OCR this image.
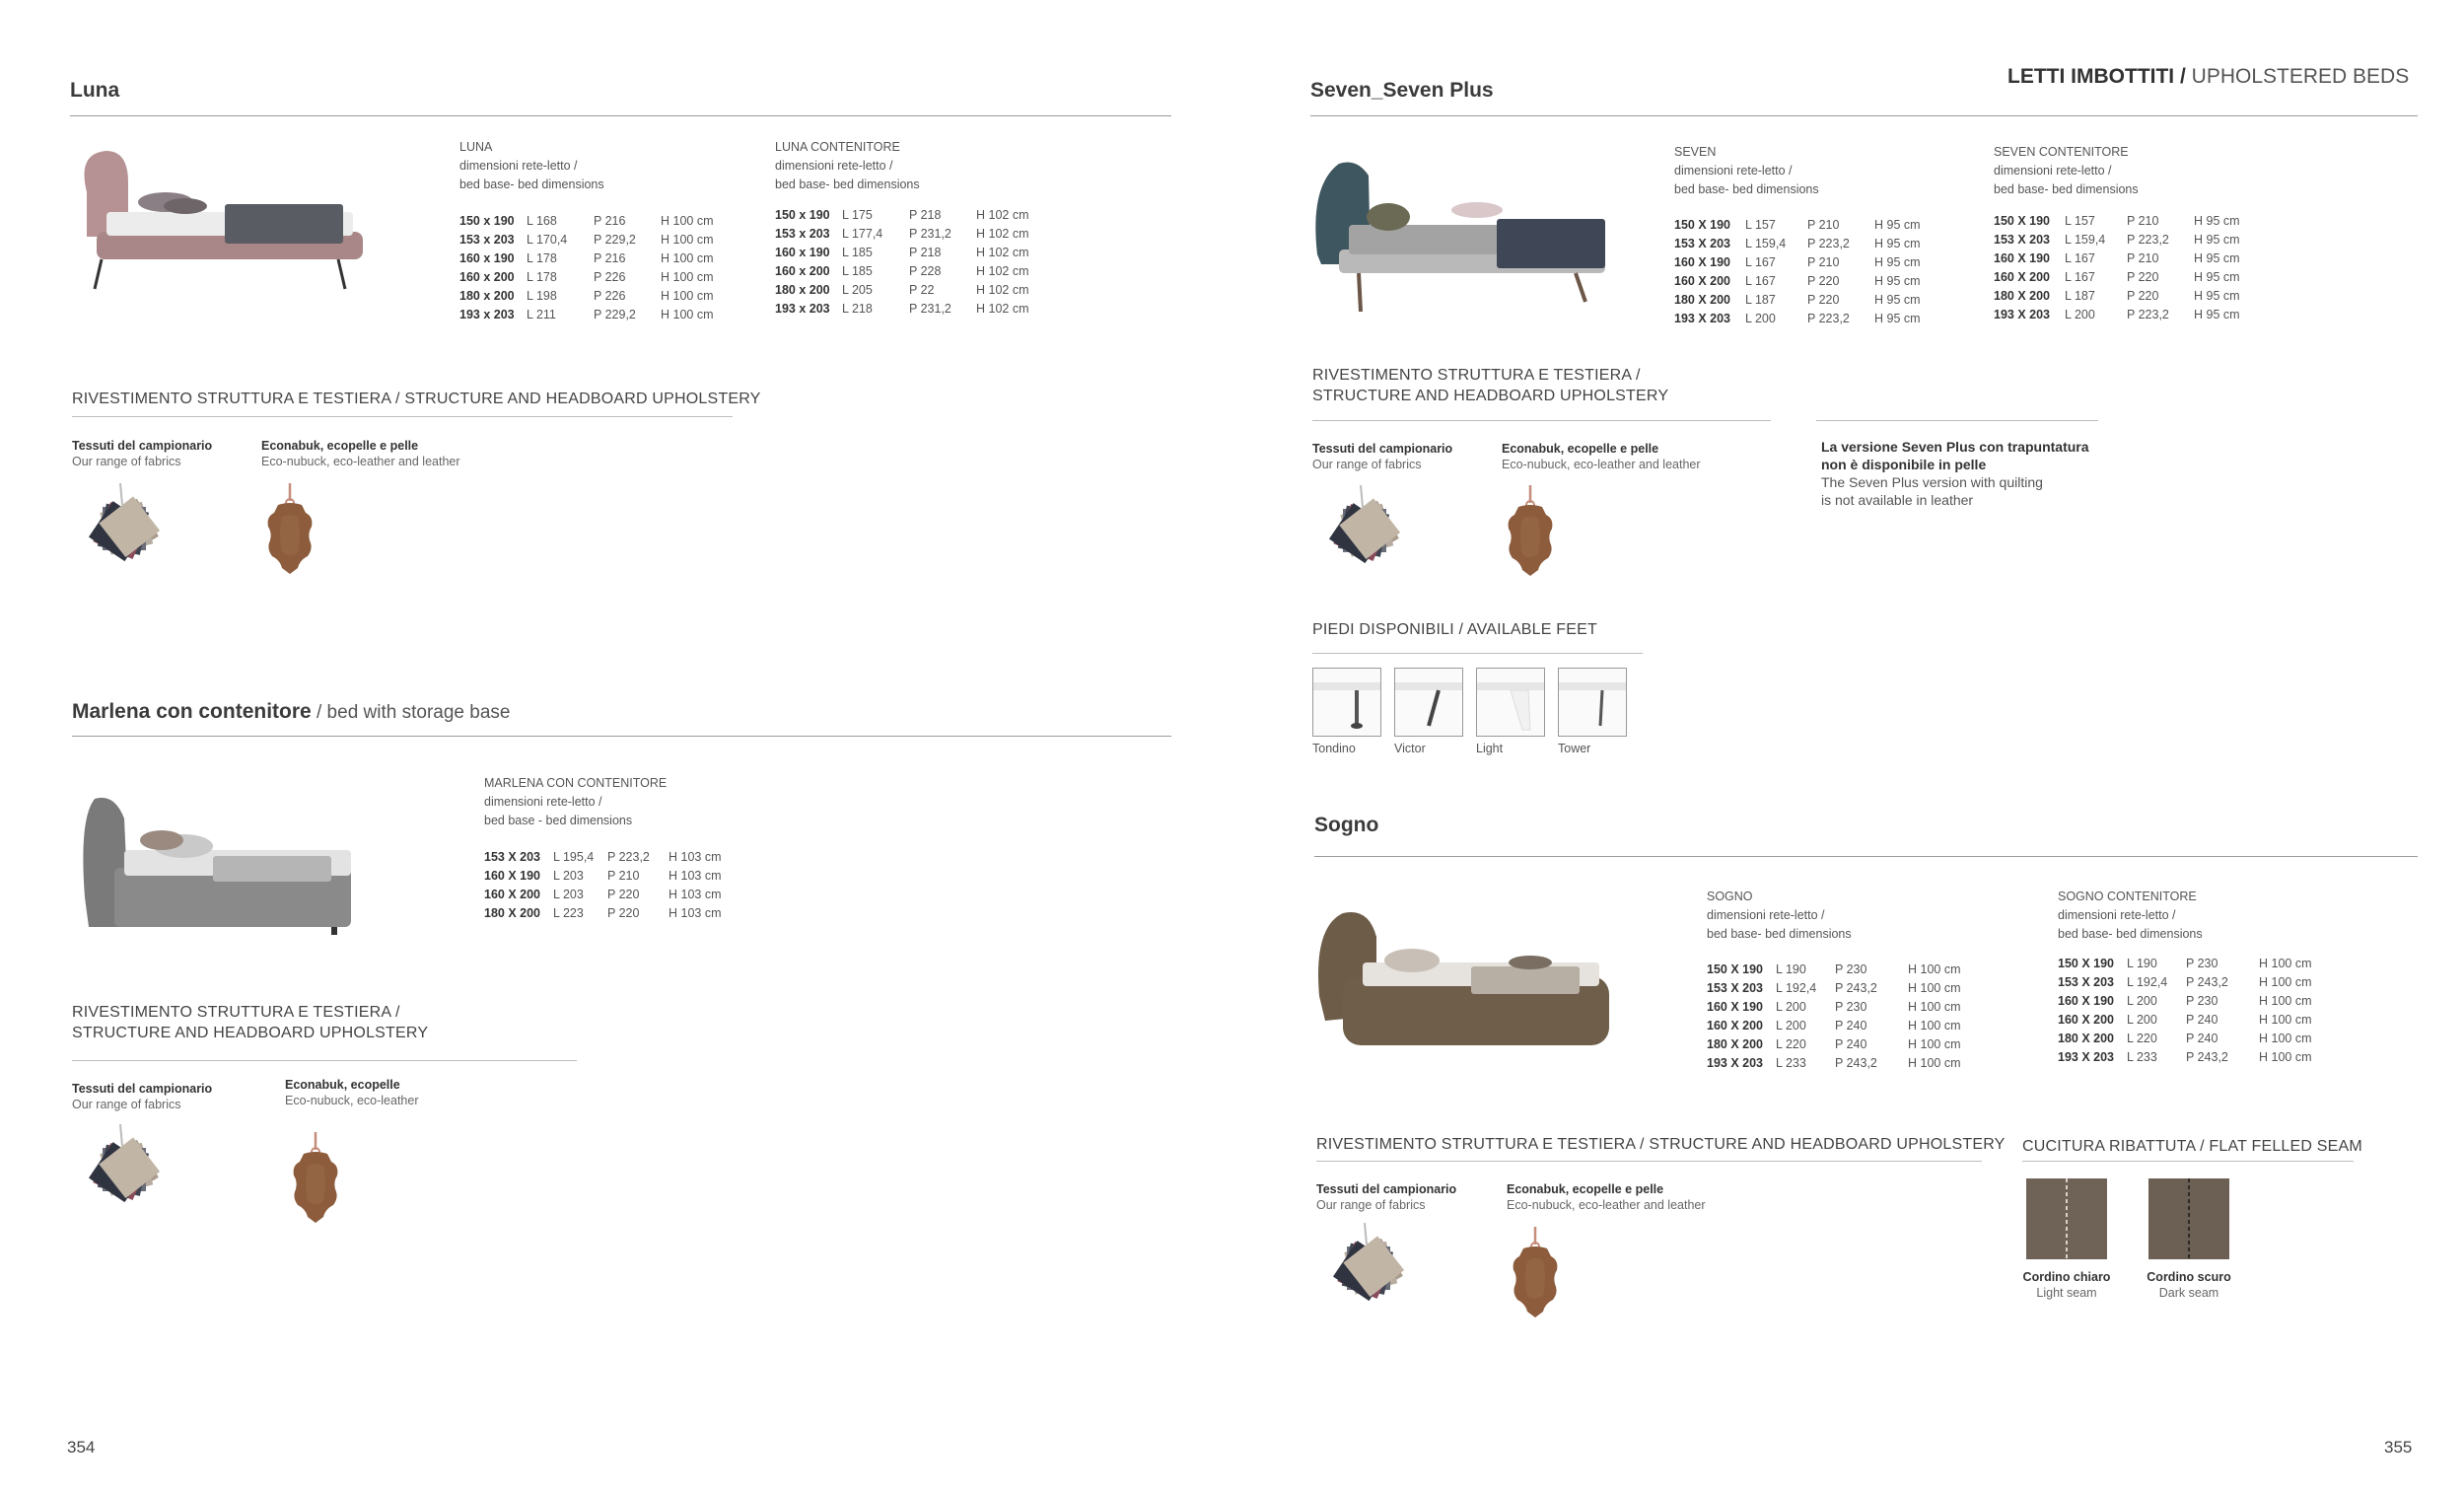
LETTI IMBOTTITI / UPHOLSTERED BEDS
Luna
LUNA
dimensioni rete-letto /
bed base- bed dimensions
150 x 190 L 168	P 216	H 100 cm
153 x 203 L 170,4	P 229,2	H 100 cm
160 x 190 L 178	P 216	H 100 cm
160 x 200 L 178	P 226	H 100 cm
180 x 200 L 198	P 226	H 100 cm
193 x 203 L 211	P 229,2	H 100 cm
LUNA CONTENITORE
dimensioni rete-letto /
bed base- bed dimensions
150 x 190 L 175	P 218	H 102 cm
153 x 203 L 177,4	P 231,2	H 102 cm
160 x 190 L 185	P 218	H 102 cm
160 x 200 L 185	P 228	H 102 cm
180 x 200 L 205	P 22	H 102 cm
193 x 203 L 218	P 231,2	H 102 cm
RIVESTIMENTO STRUTTURA E TESTIERA / STRUCTURE AND HEADBOARD UPHOLSTERY
Tessuti del campionario
Our range of fabrics
Econabuk, ecopelle e pelle
Eco-nubuck, eco-leather and leather
Marlena con contenitore / bed with storage base
MARLENA CON CONTENITORE
dimensioni rete-letto /
bed base - bed dimensions
153 X 203	L 195,4	P 223,2	H 103 cm
160 X 190	L 203	P 210	H 103 cm
160 X 200	L 203	P 220	H 103 cm
180 X 200	L 223	P 220	H 103 cm
RIVESTIMENTO STRUTTURA E TESTIERA /
STRUCTURE AND HEADBOARD UPHOLSTERY
Tessuti del campionario
Our range of fabrics
Econabuk, ecopelle
Eco-nubuck, eco-leather
354
Seven_Seven Plus
SEVEN
dimensioni rete-letto /
bed base- bed dimensions
150 X 190	L 157	P 210	H 95 cm
153 X 203	L 159,4	P 223,2	H 95 cm
160 X 190	L 167	P 210	H 95 cm
160 X 200	L 167	P 220	H 95 cm
180 X 200	L 187	P 220	H 95 cm
193 X 203	L 200	P 223,2	H 95 cm
SEVEN CONTENITORE
dimensioni rete-letto /
bed base- bed dimensions
150 X 190	L 157	P 210	H 95 cm
153 X 203	L 159,4	P 223,2	H 95 cm
160 X 190	L 167	P 210	H 95 cm
160 X 200	L 167	P 220	H 95 cm
180 X 200	L 187	P 220	H 95 cm
193 X 203	L 200	P 223,2	H 95 cm
RIVESTIMENTO STRUTTURA E TESTIERA /
STRUCTURE AND HEADBOARD UPHOLSTERY
Tessuti del campionario
Our range of fabrics
Econabuk, ecopelle e pelle
Eco-nubuck, eco-leather and leather
La versione Seven Plus con trapuntatura
non è disponibile in pelle
The Seven Plus version with quilting
is not available in leather
PIEDI DISPONIBILI / AVAILABLE FEET
Tondino	Victor	Light	Tower
Sogno
SOGNO
dimensioni rete-letto /
bed base- bed dimensions
150 X 190	L 190	P 230	H 100 cm
153 X 203	L 192,4	P 243,2	H 100 cm
160 X 190	L 200	P 230	H 100 cm
160 X 200	L 200	P 240	H 100 cm
180 X 200	L 220	P 240	H 100 cm
193 X 203	L 233	P 243,2	H 100 cm
SOGNO CONTENITORE
dimensioni rete-letto /
bed base- bed dimensions
150 X 190	L 190	P 230	H 100 cm
153 X 203	L 192,4	P 243,2	H 100 cm
160 X 190	L 200	P 230	H 100 cm
160 X 200	L 200	P 240	H 100 cm
180 X 200	L 220	P 240	H 100 cm
193 X 203	L 233	P 243,2	H 100 cm
RIVESTIMENTO STRUTTURA E TESTIERA / STRUCTURE AND HEADBOARD UPHOLSTERY CUCITURA RIBATTUTA / FLAT FELLED SEAM
Tessuti del campionario
Our range of fabrics
Econabuk, ecopelle e pelle
Eco-nubuck, eco-leather and leather
Cordino chiaro
Light seam
Cordino scuro
Dark seam
355
